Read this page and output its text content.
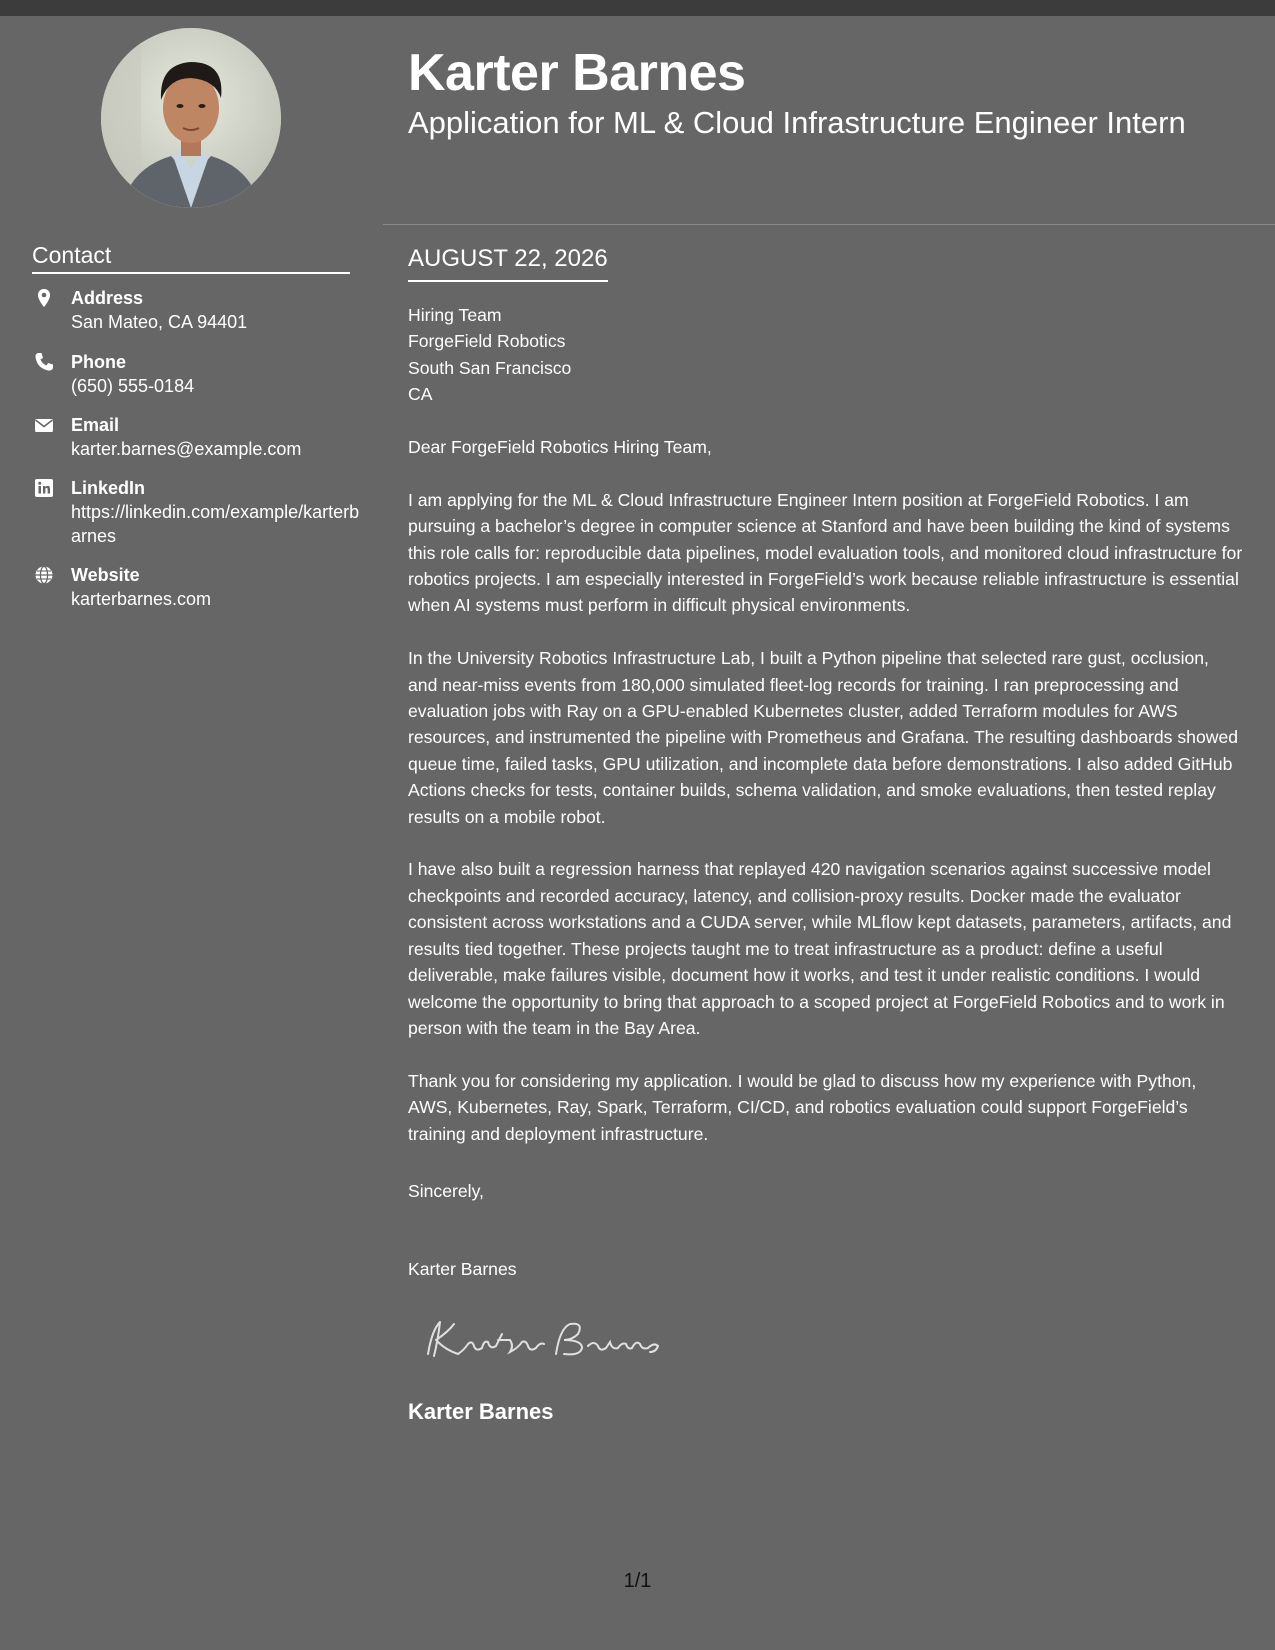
Karter Barnes
Application for ML & Cloud Infrastructure Engineer Intern
Contact
Address
San Mateo, CA 94401
Phone
(650) 555-0184
Email
karter.barnes@example.com
LinkedIn
https://linkedin.com/example/karterbarnes
Website
karterbarnes.com
AUGUST 22, 2026

Hiring Team

ForgeField Robotics

South San Francisco

CA

Dear ForgeField Robotics Hiring Team,

I am applying for the ML & Cloud Infrastructure Engineer Intern position at ForgeField Robotics. I am pursuing a bachelor’s degree in computer science at Stanford and have been building the kind of systems this role calls for: reproducible data pipelines, model evaluation tools, and monitored cloud infrastructure for robotics projects. I am especially interested in ForgeField’s work because reliable infrastructure is essential when AI systems must perform in difficult physical environments.

In the University Robotics Infrastructure Lab, I built a Python pipeline that selected rare gust, occlusion, and near-miss events from 180,000 simulated fleet-log records for training. I ran preprocessing and evaluation jobs with Ray on a GPU-enabled Kubernetes cluster, added Terraform modules for AWS resources, and instrumented the pipeline with Prometheus and Grafana. The resulting dashboards showed queue time, failed tasks, GPU utilization, and incomplete data before demonstrations. I also added GitHub Actions checks for tests, container builds, schema validation, and smoke evaluations, then tested replay results on a mobile robot.

I have also built a regression harness that replayed 420 navigation scenarios against successive model checkpoints and recorded accuracy, latency, and collision-proxy results. Docker made the evaluator consistent across workstations and a CUDA server, while MLflow kept datasets, parameters, artifacts, and results tied together. These projects taught me to treat infrastructure as a product: define a useful deliverable, make failures visible, document how it works, and test it under realistic conditions. I would welcome the opportunity to bring that approach to a scoped project at ForgeField Robotics and to work in person with the team in the Bay Area.

Thank you for considering my application. I would be glad to discuss how my experience with Python, AWS, Kubernetes, Ray, Spark, Terraform, CI/CD, and robotics evaluation could support ForgeField’s training and deployment infrastructure.

Sincerely,
Karter Barnes
Karter Barnes
1/1
